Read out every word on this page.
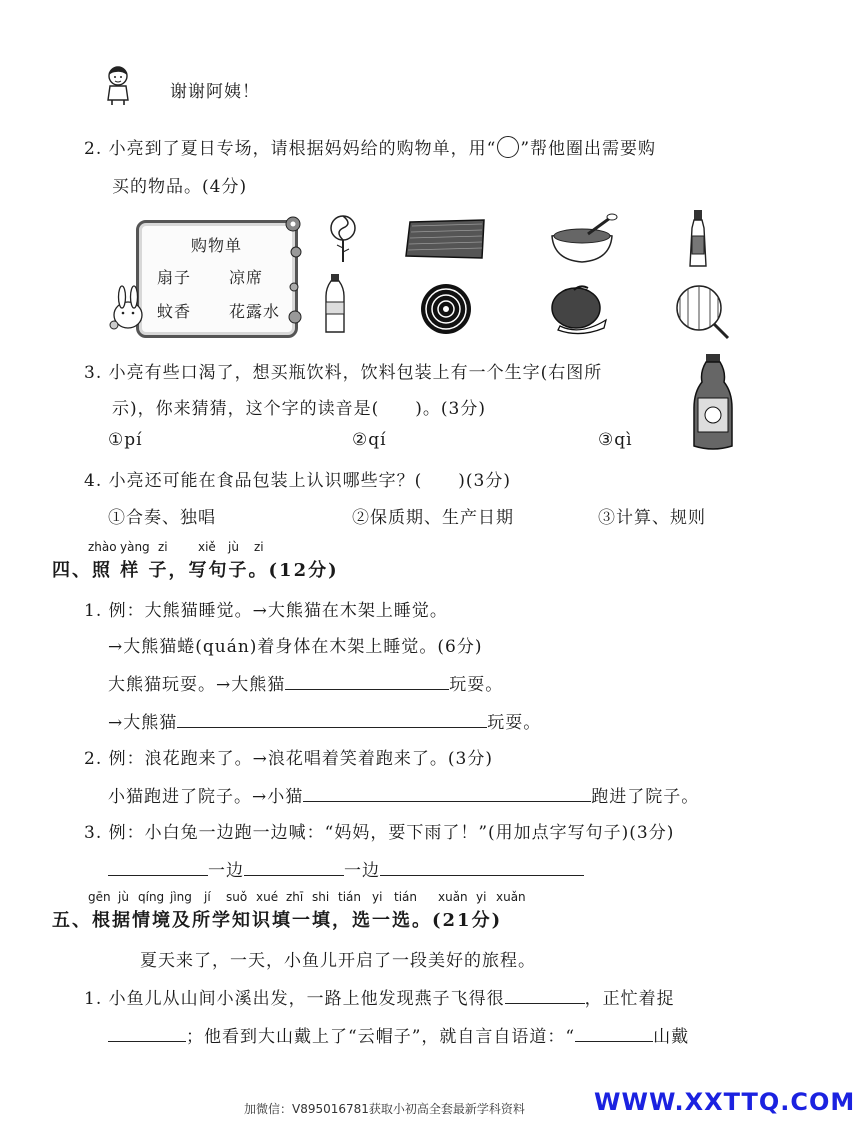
谢谢阿姨！
2. 小亮到了夏日专场，请根据妈妈给的购物单，用“ ”帮他圈出需要购
买的物品。(4分)
购物单
扇子 凉席
蚊香 花露水
3. 小亮有些口渴了，想买瓶饮料，饮料包装上有一个生字(右图所
示)，你来猜猜，这个字的读音是(　　)。(3分)
①pí	②qí	③qì
4. 小亮还可能在食品包装上认识哪些字？(　　)(3分)
①合奏、独唱	②保质期、生产日期	③计算、规则
zhào yàng zi	xiě jù zi
四、照 样 子，写句子。(12分)
1. 例：大熊猫睡觉。→大熊猫在木架上睡觉。
→大熊猫蜷(quán)着身体在木架上睡觉。(6分)
大熊猫玩耍。→大熊猫	玩耍。
→大熊猫	玩耍。
2. 例：浪花跑来了。→浪花唱着笑着跑来了。(3分)
小猫跑进了院子。→小猫	跑进了院子。
3. 例：小白兔一边跑一边喊：“妈妈，要下雨了！”(用加点字写句子)(3分)
一边	一边
gēn jù qíng jìng jí suǒ xué zhī shi tián yi tián xuǎn yi xuǎn
五、根据情境及所学知识填一填，选一选。(21分)
夏天来了，一天，小鱼儿开启了一段美好的旅程。
1. 小鱼儿从山间小溪出发，一路上他发现燕子飞得很	，正忙着捉
；他看到大山戴上了“云帽子”，就自言自语道：“	山戴
加微信：V895016781获取小初高全套最新学科资料	WWW.XXTTQ.COM
